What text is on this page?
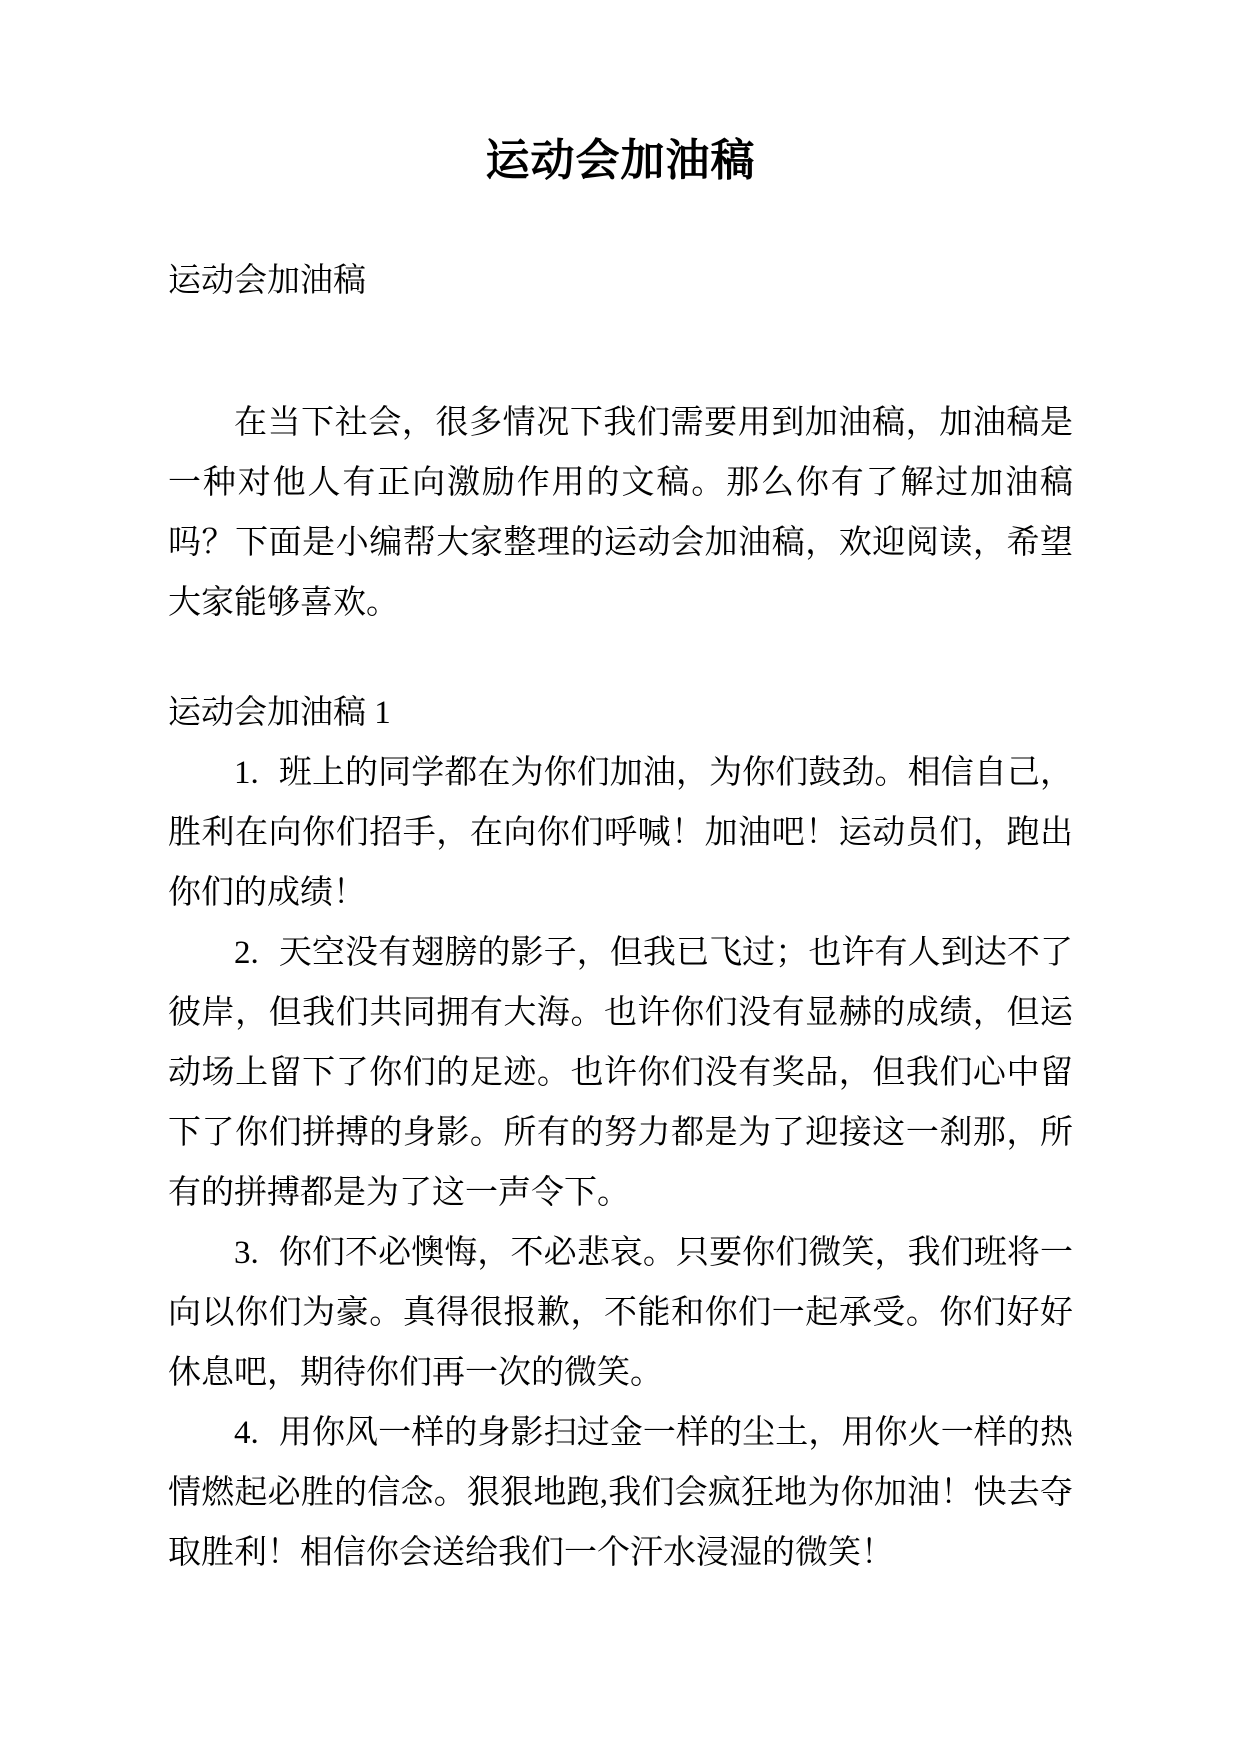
运动会加油稿

运动会加油稿

在当下社会，很多情况下我们需要用到加油稿，加油稿是一种对他人有正向激励作用的文稿。那么你有了解过加油稿吗？下面是小编帮大家整理的运动会加油稿，欢迎阅读，希望大家能够喜欢。

运动会加油稿 1

1. 班上的同学都在为你们加油，为你们鼓劲。相信自己，胜利在向你们招手，在向你们呼喊！加油吧！运动员们，跑出你们的成绩！

2. 天空没有翅膀的影子，但我已飞过；也许有人到达不了彼岸，但我们共同拥有大海。也许你们没有显赫的成绩，但运动场上留下了你们的足迹。也许你们没有奖品，但我们心中留下了你们拼搏的身影。所有的努力都是为了迎接这一刹那，所有的拼搏都是为了这一声令下。

3. 你们不必懊悔，不必悲哀。只要你们微笑，我们班将一向以你们为豪。真得很报歉，不能和你们一起承受。你们好好休息吧，期待你们再一次的微笑。

4. 用你风一样的身影扫过金一样的尘土，用你火一样的热情燃起必胜的信念。狠狠地跑,我们会疯狂地为你加油！快去夺取胜利！相信你会送给我们一个汗水浸湿的微笑！
